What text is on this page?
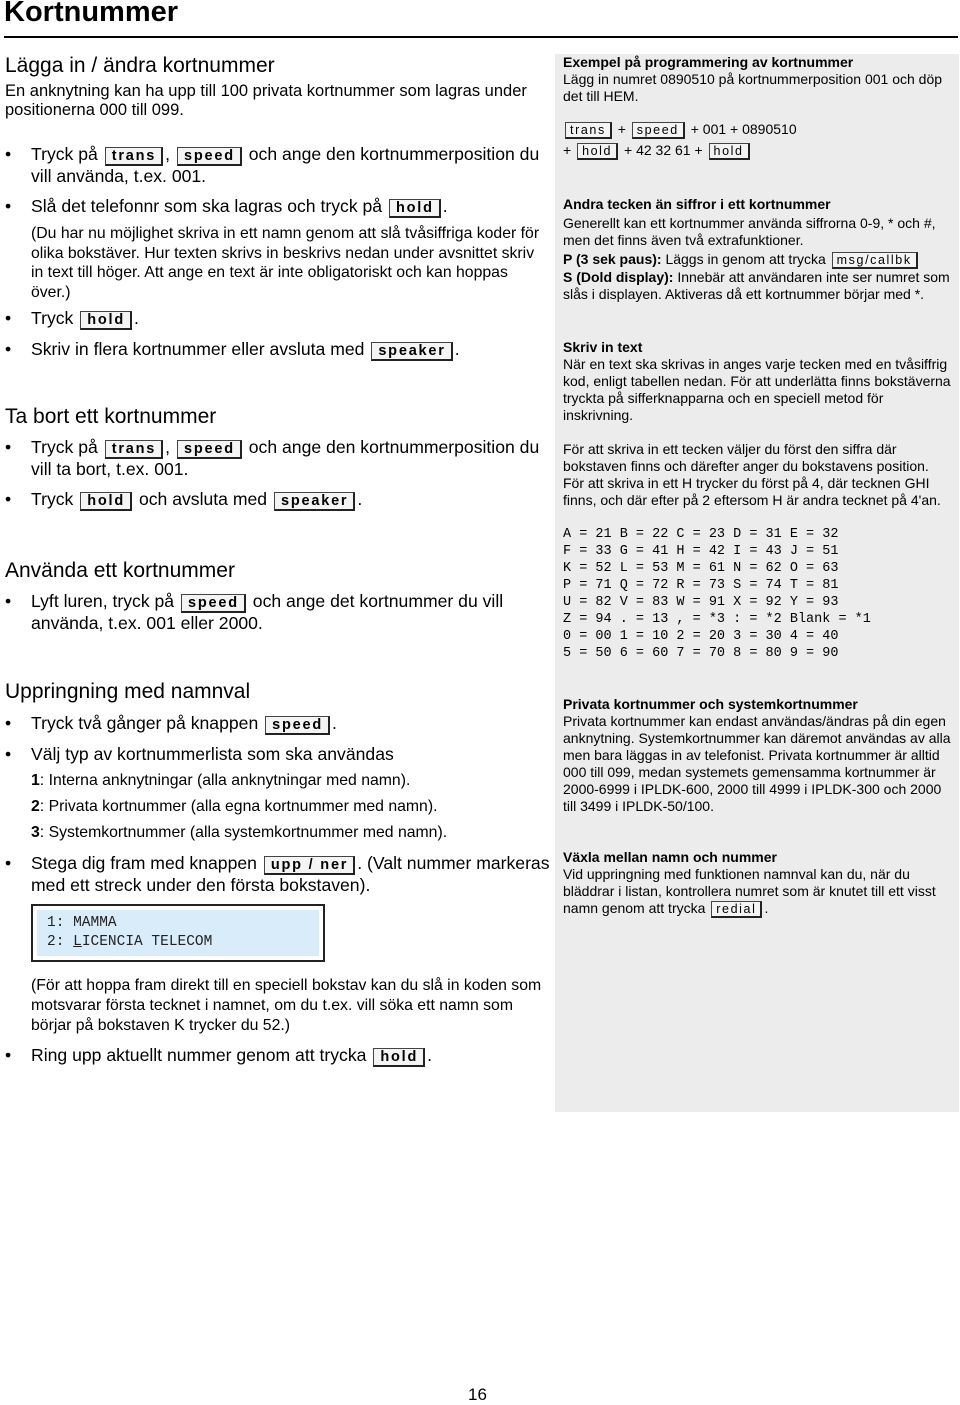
Kortnummer
Lägga in / ändra kortnummer

En anknytning kan ha upp till 100 privata kortnummer som lagras under positionerna 000 till 099.

• Tryck på trans , speed och ange den kortnummerposition du vill använda, t.ex. 001.
• Slå det telefonnr som ska lagras och tryck på hold .
(Du har nu möjlighet skriva in ett namn genom att slå tvåsiffriga koder för olika bokstäver. Hur texten skrivs in beskrivs nedan under avsnittet skriv in text till höger. Att ange en text är inte obligatoriskt och kan hoppas över.)
• Tryck hold .
• Skriv in flera kortnummer eller avsluta med speaker .
Ta bort ett kortnummer
• Tryck på trans , speed och ange den kortnummerposition du vill ta bort, t.ex. 001.
• Tryck hold och avsluta med speaker .
Använda ett kortnummer
• Lyft luren, tryck på speed och ange det kortnummer du vill använda, t.ex. 001 eller 2000.
Uppringning med namnval
• Tryck två gånger på knappen speed .
• Välj typ av kortnummerlista som ska användas
1: Interna anknytningar (alla anknytningar med namn).
2: Privata kortnummer (alla egna kortnummer med namn).
3: Systemkortnummer (alla systemkortnummer med namn).
• Stega dig fram med knappen upp / ner . (Valt nummer markeras med ett streck under den första bokstaven).
1: MAMMA
2: LICENCIA TELECOM
(För att hoppa fram direkt till en speciell bokstav kan du slå in koden som motsvarar första tecknet i namnet, om du t.ex. vill söka ett namn som börjar på bokstaven K trycker du 52.)
• Ring upp aktuellt nummer genom att trycka hold .

Exempel på programmering av kortnummer

Lägg in numret 0890510 på kortnummerposition 001 och döp det till HEM.

trans + speed + 001 + 0890510
+ hold + 42 32 61 + hold

Andra tecken än siffror i ett kortnummer

Generellt kan ett kortnummer använda siffrorna 0-9, * och #, men det finns även två extrafunktioner.

P (3 sek paus): Läggs in genom att trycka msg/callbk

S (Dold display): Innebär att användaren inte ser numret som slås i displayen. Aktiveras då ett kortnummer börjar med *.

Skriv in text

När en text ska skrivas in anges varje tecken med en tvåsiffrig kod, enligt tabellen nedan. För att underlätta finns bokstäverna tryckta på sifferknapparna och en speciell metod för inskrivning.

För att skriva in ett tecken väljer du först den siffra där bokstaven finns och därefter anger du bokstavens position. För att skriva in ett H trycker du först på 4, där tecknen GHI finns, och där efter på 2 eftersom H är andra tecknet på 4'an.

A = 21 B = 22 C = 23 D = 31 E = 32

F = 33 G = 41 H = 42 I = 43 J = 51

K = 52 L = 53 M = 61 N = 62 O = 63

P = 71 Q = 72 R = 73 S = 74 T = 81

U = 82 V = 83 W = 91 X = 92 Y = 93

Z = 94 . = 13 , = *3 : = *2 Blank = *1

0 = 00 1 = 10 2 = 20 3 = 30 4 = 40

5 = 50 6 = 60 7 = 70 8 = 80 9 = 90

Privata kortnummer och systemkortnummer

Privata kortnummer kan endast användas/ändras på din egen anknytning. Systemkortnummer kan däremot användas av alla men bara läggas in av telefonist. Privata kortnummer är alltid 000 till 099, medan systemets gemensamma kortnummer är 2000-6999 i IPLDK-600, 2000 till 4999 i IPLDK-300 och 2000 till 3499 i IPLDK-50/100.

Växla mellan namn och nummer

Vid uppringning med funktionen namnval kan du, när du bläddrar i listan, kontrollera numret som är knutet till ett visst namn genom att trycka redial .

16
